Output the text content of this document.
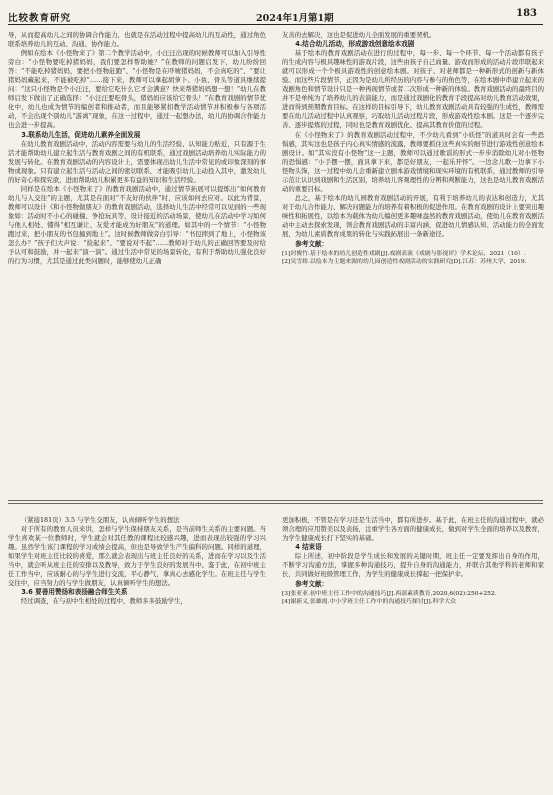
比较教育研究	2024年1月第1期	183

导，从而提高幼儿之间的协调合作能力，也就是在活动过程中提高幼儿的互动性，通过角色联系培养幼儿的互动、沟通、协作能力。

例如在绘本《小怪物来了》第二个教学活动中，小汪汪出现的时候教师可以加入引导性旁白：“小怪物要吃掉猪妈妈，我们要怎样帮助她？”在教师的问题启发下，幼儿纷纷回答：“不能吃掉猪妈妈，要把小怪物赶跑”、“小怪物是在吓唬猪妈妈，不会真吃的”、“要让猪妈妈藏起来，不能被吃掉”……接下来，教师可以拿起胡萝卜、小鱼、骨头等道具继续提问：“这只小怪物是个小汪汪，要给它吃什么它才会满意？快来帮猪妈妈想一想！”幼儿在教师启发下做出了正确选择：“小汪汪要吃骨头，猪妈妈应该给它骨头！”在教育戏剧的情节优化中，幼儿也成为情节的编创者和推动者，而且能够紧扣教学活动情节并积极参与各项活动，不会出现个别幼儿“游离”现象，在这一过程中，通过一起想办法，幼儿的协调合作能力也会进一步提高。

3.联系幼儿生活，促进幼儿素养全面发展

在幼儿教育戏剧活动中，活动内容需要与幼儿的生活经验、认知能力贴近，只有源于生活才能帮助幼儿建立起生活与教育戏剧之间的有机联系，通过戏剧活动培养幼儿实际能力的发展与转化。在教育戏剧活动的内容设计上，需要体现出幼儿生活中常见的或印象深刻的事物或现象。只有建立起生活与活动之间的密切联系，才能吸引幼儿主动投入其中，激发幼儿的好奇心和探究欲，进而帮助幼儿积累更多有益的知识和生活经验。

同样是在绘本《小怪物来了》的教育戏剧活动中，通过情节拓展可以提炼出“如何教育幼儿与人交往”的主题，尤其是在面对“不友好的伙伴”时，应该如何去应对。以此为背景，教师可以设计《和小怪物做朋友》的教育戏剧活动，选择幼儿生活中经常可以见到的一些现象如：活动时不小心的碰撞、争抢玩具等，设计接近的活动场景，使幼儿在活动中学习如何与他人相处、懂得“相互谦让、友爱才能成为好朋友”的道理。如其中的一个情节：“小怪物跑过来，把小朋友的书包撞到地上”。这时候教师做旁白引导：“书包摔到了地上，小怪物该怎么办？”孩子们大声说：“捡起来”、“要说对不起”……教师对于幼儿的正确回答要及时给予认可和鼓励，并一起来“演一演”。通过生活中常见的场景转化，有利于帮助幼儿强化良好的行为习惯，尤其是通过此类问题时，能够使幼儿正确

友善的去解决，这也是促进幼儿全面发展的重要契机。

4.结合幼儿活动，形成游戏创意绘本戏剧

基于绘本的教育戏剧活动在进行的过程中，每一步、每一个环节、每一个活动都有孩子的生成内容与极具趣味性的游戏片段，这些由孩子自己商量、游戏而形成的活动片段串联起来就可以形成一个个极具游戏性的创意绘本剧。对孩子、对老师都是一种新形式的创新与新体验。而这些片段情节，正因为是幼儿所经历的内容与参与的角色等，在绘本剧中串建立起来的戏剧角色和情节设计只是一种再现情节或者二次形成一种新的体验。教育戏剧活动的最终目的并不是单纯为了培养幼儿的表演能力，而是通过戏剧化的教育手段提高对幼儿教育活动效果，进而得到预期教育目标。在这样的目标引导下，幼儿教育戏剧活动具有较强的生成性，教师需要在幼儿活动过程中认真观察，巧取幼儿活动过程片段，形成游戏性绘本剧。这是一个逐步完善、逐步提炼的过程，同时也是教育戏剧优化、提高其教育价值的过程。

在《小怪物来了》的教育戏剧活动过程中，不少幼儿看到“小妖怪”的道具时会有一些恐惧感，其实这也是孩子内心真实情感的流露，教师要抓住这些真实的细节进行游戏性创意绘本剧设计。如“其实没有小怪物”这一主题，教师可以通过歌谣的形式一步步消除幼儿对小怪物的恐惧感：“小手摆一摆，面具拿下来，都是好朋友，一起乐开怀”。一边念儿歌一边拿下小怪物头饰，这一过程中幼儿会重新建立剧本游戏情境和现实环境的有机联系，通过教师的引导示范让认识到戏剧和生活区别，培养幼儿客观理性的分辨和判断能力，这也是幼儿教育戏剧活动的重要目标。

总之，基于绘本的幼儿园教育戏剧活动的开展，有利于培养幼儿的表达和创造力，尤其对于幼儿合作能力、解决问题能力的培养有着积极的促进作用。在教育戏剧的设计上要突出趣味性和拓展性，以绘本为载体为幼儿编创更多趣味盎然的教育戏剧活动，使幼儿在教育戏剧活动中主动去探索发现，领会教育戏剧活动的丰富内涵，促进幼儿情感认知、活动能力的全面发展，为幼儿素质教育成果的转化与实践拓展出一条新途径。

参考文献：

[1]封俊竹.基于绘本的幼儿创造性戏剧[J].戏剧表演《戏剧与影视评》学术论坛，2021（10）.

[2]吴雪娇.以绘本为主题来源的幼儿园创造性戏剧活动的实践研究[D].江苏：苏州大学，2019.

（紧接181页）3.5 与学生交朋友，认真倾听学生的想法

对于所有的教育人员来讲，怎样与学生保持朋友关系，是当前师生关系的主要问题。当学生喜欢某一位教师时，学生就会对其任教的课程比较感兴趣，进而表现出较强的学习兴趣。虽然学生该门课程的学习成绩会提高，但也是导致学生产生偏科的问题。同样的道理，如果学生对班主任比较的喜爱，那么就会表现出与班主任良好的关系，进而在学习以及生活当中，就会听从班主任的安排以及教导，致力于学生良好的发展当中。鉴于此，在初中班主任工作当中，应该耐心的与学生进行交流，平心静气，拿真心去感化学生。在班主任与学生交往中，应当努力的与学生做朋友，认真倾听学生的想法。

3.6 要善用赞扬和表扬融合师生关系

经过调查，在与初中生相处的过程中，教师多多鼓励学生，

更加积极，不管是在学习还是生活当中，都有所进步。基于此，在班主任的沟通过程中，就必须合理的应用赞美以及表扬，注重学生各方面的健康成长，做到对学生全面的培养以及教育，为学生健康成长打下坚实的基础。

4 结束语

综上所述，初中阶段是学生成长和发展的关键时期，班主任一定要发挥出自身的作用，不断学习沟通方法，掌握多种沟通技巧，提升自身的沟通能力，并联合其他学科的老师和家长，共同做好班级管理工作，为学生的健康成长撑起一把保护伞。

参考文献：

[3]张亚亚.初中班主任工作中的沟通技巧[J].西部素质教育,2020,6(02):250+252.

[4]谢新义,张雄霞.中小学班主任工作中的沟通技巧探讨[J].科学大众
